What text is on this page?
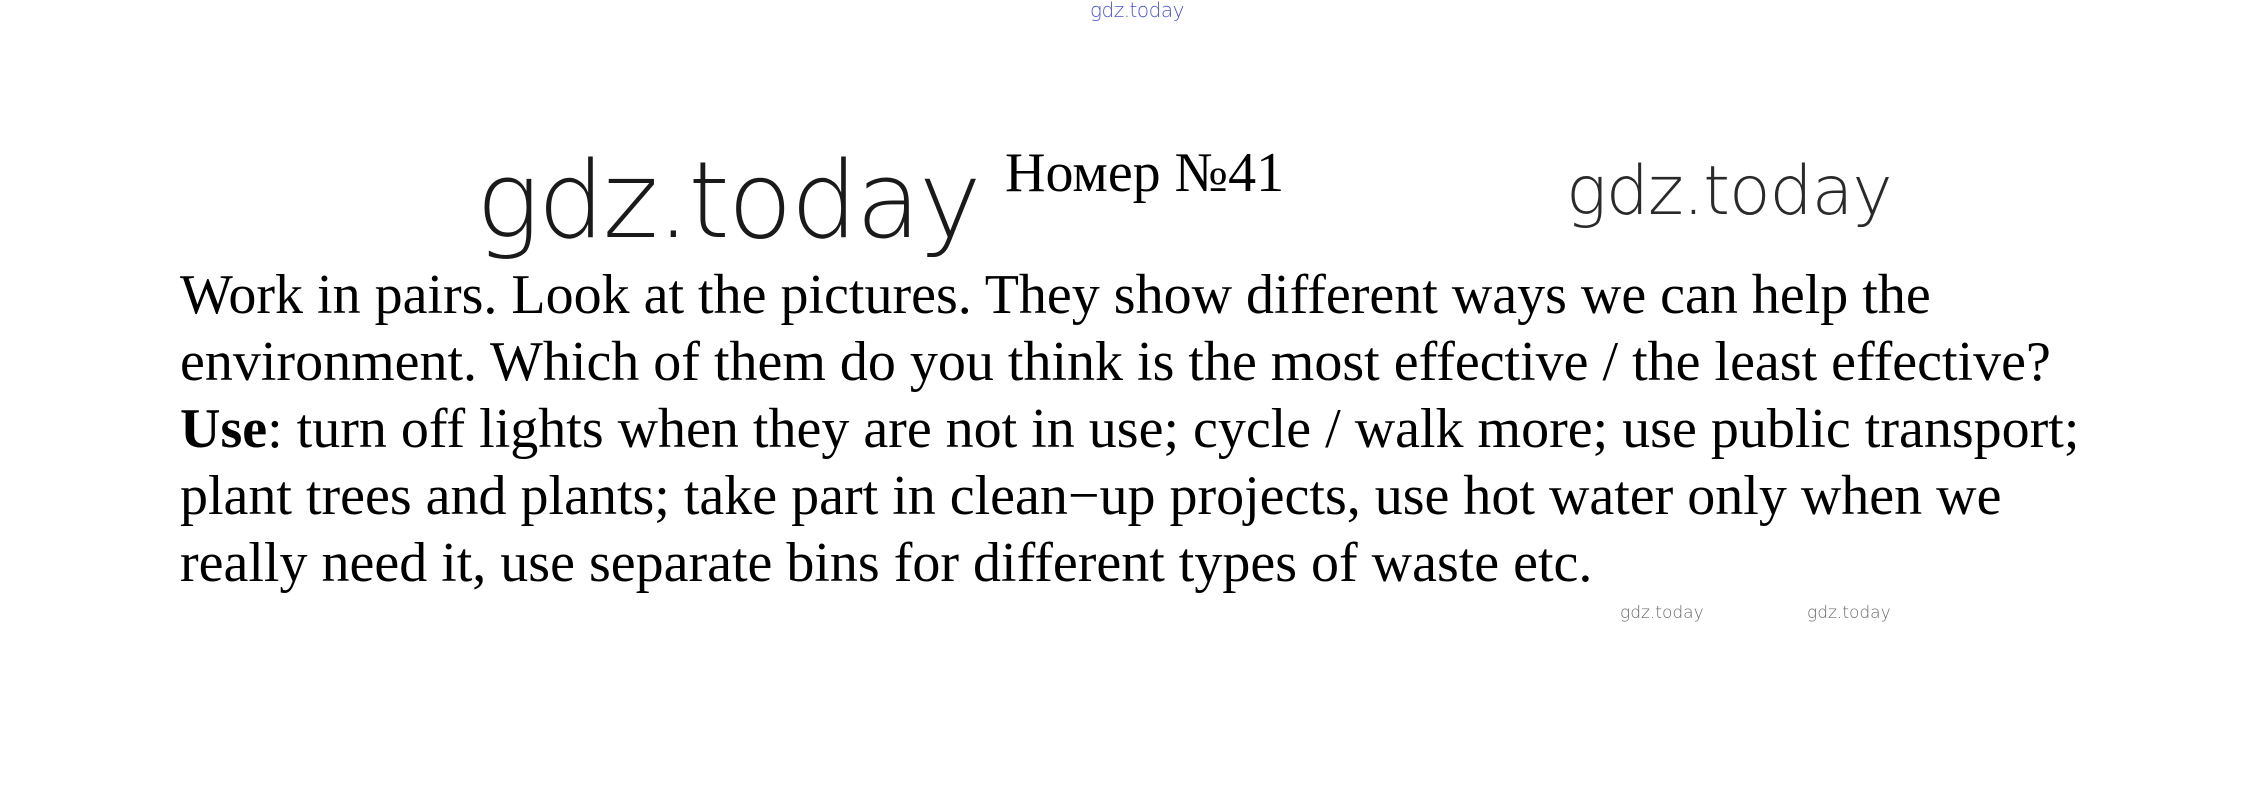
gdz.today
gdz.today Номер №41	gdz.today

Work in pairs. Look at the pictures. They show different ways we can help the environment. Which of them do you think is the most effective / the least effective?

Use: turn off lights when they are not in use; cycle / walk more; use public transport; plant trees and plants; take part in clean−up projects, use hot water only when we really need it, use separate bins for different types of waste etc.

gdz.today	gdz.today
